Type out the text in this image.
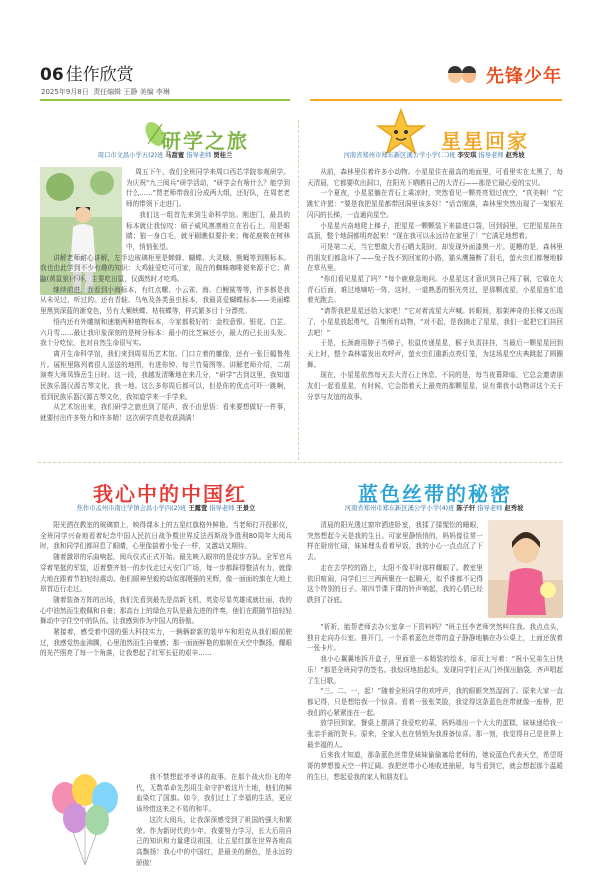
06 佳作欣赏
2025年9月8日 责任编辑 王静 美编 李琳
先锋少年
研学之旅
周口市文昌小学五(2)班 马甜蜜 指导老师 贾桂兰

周五下午，我们全班同学来周口西芯学院参观研学。为庆祝“九三阅兵”研学活动，“研学会有啥什么？能学到什么……”贾老师带我们分成两大组，还好队，在周老老师的带领下走进门。

我们这一组首先来到生命科学馆。刚进门，最具的标本就让我惊叹：硕子威风凛凛地立在岩石上，用是眼睛；狼一身白毛，就牙刷瞧似要扑来；梅花鹿鞍在树林中，悄悄张望。

讲解老师耐心讲解，左手边玻璃柜里是蝉蜂、蝴蝶、大灵蛾、熊蝇等到刚标本。我也由此学到不少有趣的知识：大鸡蛙爱吃可可家，现在的蜘蛛咖啡便来源于它；黄鼬(黄鼠狼)不坏，主要吃田鼠，仅偶然时才吃鸡。

继续前进，我看到小海标本，有红点螺、小云雀、海、白鳗鲨等等，许多都是我从未见过、听过的。还有青蛙、乌龟及各类虽虫标本，我最喜爱蝴蝶标本——美丽蝶里黑到深蓝的渐变色，另有大紫蛱蝶、枯枝蝶等，样式繁多目十分漂亮。

悟内还有外雕制和速制两种植物标本，今家都极好的：金校意银、银花、白芷、六月雪……最让我印象深刻的是树分标本：最小的比芝麻还小，最大的已长出头发。我十分吃惊，也对自然生命很写实。

离开生命科学馆，我们来到周易历艺术馆。门口立着的雕像，还有一张巨幅鲁苑片。展柜里陈列着很人送送的地图，有进你钟、每兰竹菊图等。讲解老师介绍，二胡演奏大师凤锋岳生日时。这一段，我越发清晰地在来几分，“研学”古到这里，我知道民族乐器汉源古琴文化，我一地。这么多你周后都可以，但是你的优点可吓一跳啊，看到民族乐器汉源古琴文化，我知道学来一手学来。

从艺术馆出来，我们研学之旅也到了尾声，我不由思悟：看来要想做好一件事，就要付出许多努力和许多精！这次研学真是收获满满！

星星回家
河南省郑州市郑东新区溪公学小学(二)班 李安琪 指导老师 赵秀坡

从前，森林里住着许多小动物。小星星住在最高的地面里，可看里实在太黑了，每天清晨，它都要吹出洞口，在阳光下晒晒自己的大青石——那是它最心爱的宝贝。

一个夏夜，小星星躺在青石上乘凉时，突然看见一颗亮亮划过夜空，“真美啊！”它跳忙许愿：“要是我把星星都带回洞里该多好！”话音刚落，森林里突然出现了一架银光闪闪的长梯，一直通向星空。

小星星兴奋地爬上梯子，把星星一颗颗装下来揣进口袋，回到洞里，它把星星挂在高顶，整个地洞都明亮起来！“现在我可以永远待在家里了！”它满足地想着。

可是第二天，当它想做大青石晒太阳时，却发现外面漆黑一片。更糟的是，森林里的朋友们都急坏了——兔子找不到回家的小路，猫头鹰撞断了羽毛，萤火虫们都慢地躲在草丛里。

“你们看见星星了吗？”每个鹿鹿急地问。小星星这才意识到自己闯了祸，它躲在大青石后面，难过地嘀咕一阵，这时，一道熟悉的银光亮过，是那颗流星，小星星连忙追着光跑去。

“请帮我把星星还给大家吧！”它对着流星大声喊。转眼间，那架神奇的长梯又出现了，小星星放起勇气，召集所有动物，“对不起，是我摘走了星星，我们一起把它们挂回去吧！”

于是，长颈鹿用脖子当梯子，松鼠传递星星，猴子负责挂挂，当最后一颗星星回到天上时，整个森林霎发出欢呼声，萤火虫们重新点亮灯笼，为这场星空庆典跳起了圆圈舞。

现在，小星星依然每天去大青石上休息，不同的是，每当夜幕降临，它总会邀请朋友们一起看星星，有时候，它会指着天上最亮的那颗星星，说有课我小动物讲这个关于分享与友谊的故事。

我心中的中国红
焦作市孟州市南庄学镇会昌小学四(2)班 王露萱 指导老师 王景立

阳光洒在教室的玻璃窗上，映得课本上的五星红旗格外鲜艳。当老师打开投影仪，全班同学兴奋地看着纪念中国人民抗日战争暨世界反法西斯战争胜利80周年大阅兵时，我和同学们都屏息了眼睛，心里像揣着小兔子一样，又激动又期待。

随着激昂的乐曲响起，阅兵仪式正式开始。最先映入眼帘的是徒步方队。全军官兵穿着笔挺的军装，迈着整齐划一的步伐走过天安门广场，每一步都踩得整洁有力，就像大地在跟着节拍轻轻震动。他们眼神坚毅的动似那刚强的光辉，像一面面的旗在大地上昂首迈行走过。

随着装备方阵的出场，我们先看到最先是高新飞机，英姿尽显英雄成就壮丽，我的心中油然而生敬佩和自豪；那高台上的绿色方队是最先进的伴奏，他们在跟随节拍轻轻舞动中守住空中的队伍。让我感到作为中国人的骄傲。

紧接着，感受着中国的强大科技实力，一辆辆崭新的装甲车和坦克从我们眼前驶过，我感觉热血沸腾，心里油然而生自豪感；那一面面鲜艳的旗帜在天空中飘扬，耀眼的光芒照亮了每一个角落，让我想起了红军长征的艰辛……

我不禁想起爷爷讲的故事。在那个战火纷飞的年代，无数革命先烈用生命守护着这片土地，他们的鲜血染红了国旗。如今，我们过上了幸福的生活，更应该珍惜这来之不易的和平。

这次大阅兵，让我深深感受到了祖国的强大和繁荣。作为新时代的少年，我要努力学习，长大后用自己的知识和力量建设祖国，让五星红旗在世界各地高高飘扬！我心中的中国红，是最美的颜色，是永远的骄傲！

蓝色丝带的秘密
河南省郑州市郑东新区溪公学小学(4)班 陈子轩 指导老师 赵秀坡

清晨的阳光透过窗帘洒进卧室，我揉了揉惺忪的睡眼，突然想起今天是我的生日。可家里静悄悄的，妈妈像往常一样在厨房忙碌，妹妹埋头看着早饭，我的小心一点点沉了下去。

走在去学校的路上，太阳不像平时那样耀眼了。教室里依旧喧闹，同学们三三两两聚在一起聊天，似乎谁都不记得这个特别的日子。第四节课下课的铃声响起，我的心情已经跌到了谷底。

“祈祈，能帮老师去办公室拿一下资料吗？”班主任李老师突然叫住我。我点点头，独自走向办公室。推开门，一个系着蓝色丝带的盒子静静地躺在办公桌上，上面还放着一张卡片。

我小心翼翼地拆开盒子，里面是一本精装的绘本，扉页上写着：“祝小兄弟生日快乐！”那是全班同学的签名。我惊讶地抬起头，发现同学们正从门外探出脑袋，齐声唱起了生日歌。

“三、二、一，起！”随着全班同学的欢呼声，我的眼眶突然湿润了。原来大家一直都记得，只是想给我一个惊喜。看着一张张笑脸，我觉得这条蓝色丝带就像一座桥，把我们的心紧紧连在一起。

放学回到家，餐桌上摆满了我爱吃的菜，妈妈端出一个大大的蛋糕，妹妹递给我一张亲手画的贺卡。原来，全家人也在悄悄为我准备惊喜。那一刻，我觉得自己是世界上最幸福的人。

后来我才知道，那条蓝色丝带是妹妹偷偷塞给老师的，她说蓝色代表天空，希望哥哥的梦想像天空一样辽阔。我把丝带小心地收进抽屉，每当看到它，就会想起那个温暖的生日，想起爱我的家人和朋友们。
